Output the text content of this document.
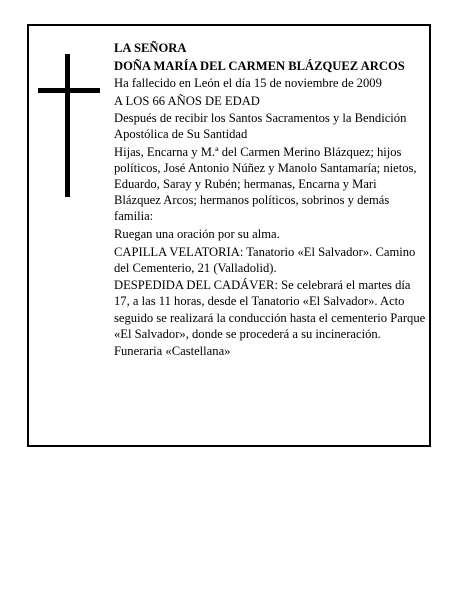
LA SEÑORA

DOÑA MARÍA DEL CARMEN BLÁZQUEZ ARCOS

Ha fallecido en León el día 15 de noviembre de 2009

A LOS 66 AÑOS DE EDAD

Después de recibir los Santos Sacramentos y la Bendición Apostólica de Su Santidad

Hijas, Encarna y M.ª del Carmen Merino Blázquez; hijos políticos, José Antonio Núñez y Manolo Santamaría; nietos, Eduardo, Saray y Rubén; hermanas, Encarna y Mari Blázquez Arcos; hermanos políticos, sobrinos y demás familia:

Ruegan una oración por su alma.

CAPILLA VELATORIA: Tanatorio «El Salvador». Camino del Cementerio, 21 (Valladolid).

DESPEDIDA DEL CADÁVER: Se celebrará el martes día 17, a las 11 horas, desde el Tanatorio «El Salvador». Acto seguido se realizará la conducción hasta el cementerio Parque «El Salvador», donde se procederá a su incineración.

Funeraria «Castellana»
